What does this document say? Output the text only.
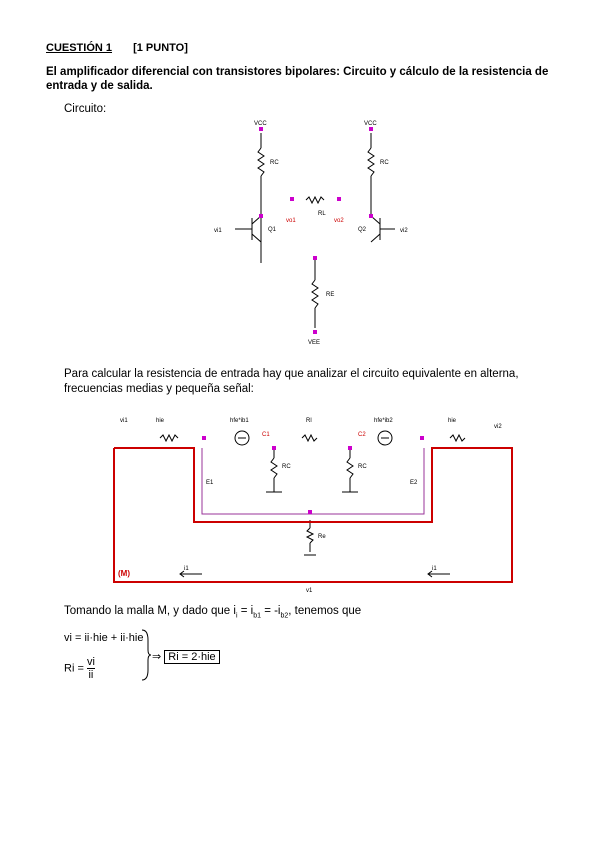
CUESTIÓN 1 [1 PUNTO]
El amplificador diferencial con transistores bipolares: Circuito y cálculo de la resistencia de entrada y de salida.
Circuito:
VCC	VCC
RC	RC
RL
Q1	Q2
vo1	vo2
vi1	vi2
RE
VEE
Para calcular la resistencia de entrada hay que analizar el circuito equivalente en alterna, frecuencias medias y pequeña señal:
vi1
vi2
hie	hie
hfe*ib1	hfe*ib2
Rl
C1	C2
RC	RC
E1	E2
Re
i1	i1
v1
(M)
Tomando la malla M, y dado que $i_i = i_{b1} = -i_{b2}$, tenemos que
vi = ii·hie + ii·hie
$Ri = \frac{vi}{ii}$	⇒ Ri = 2·hie
